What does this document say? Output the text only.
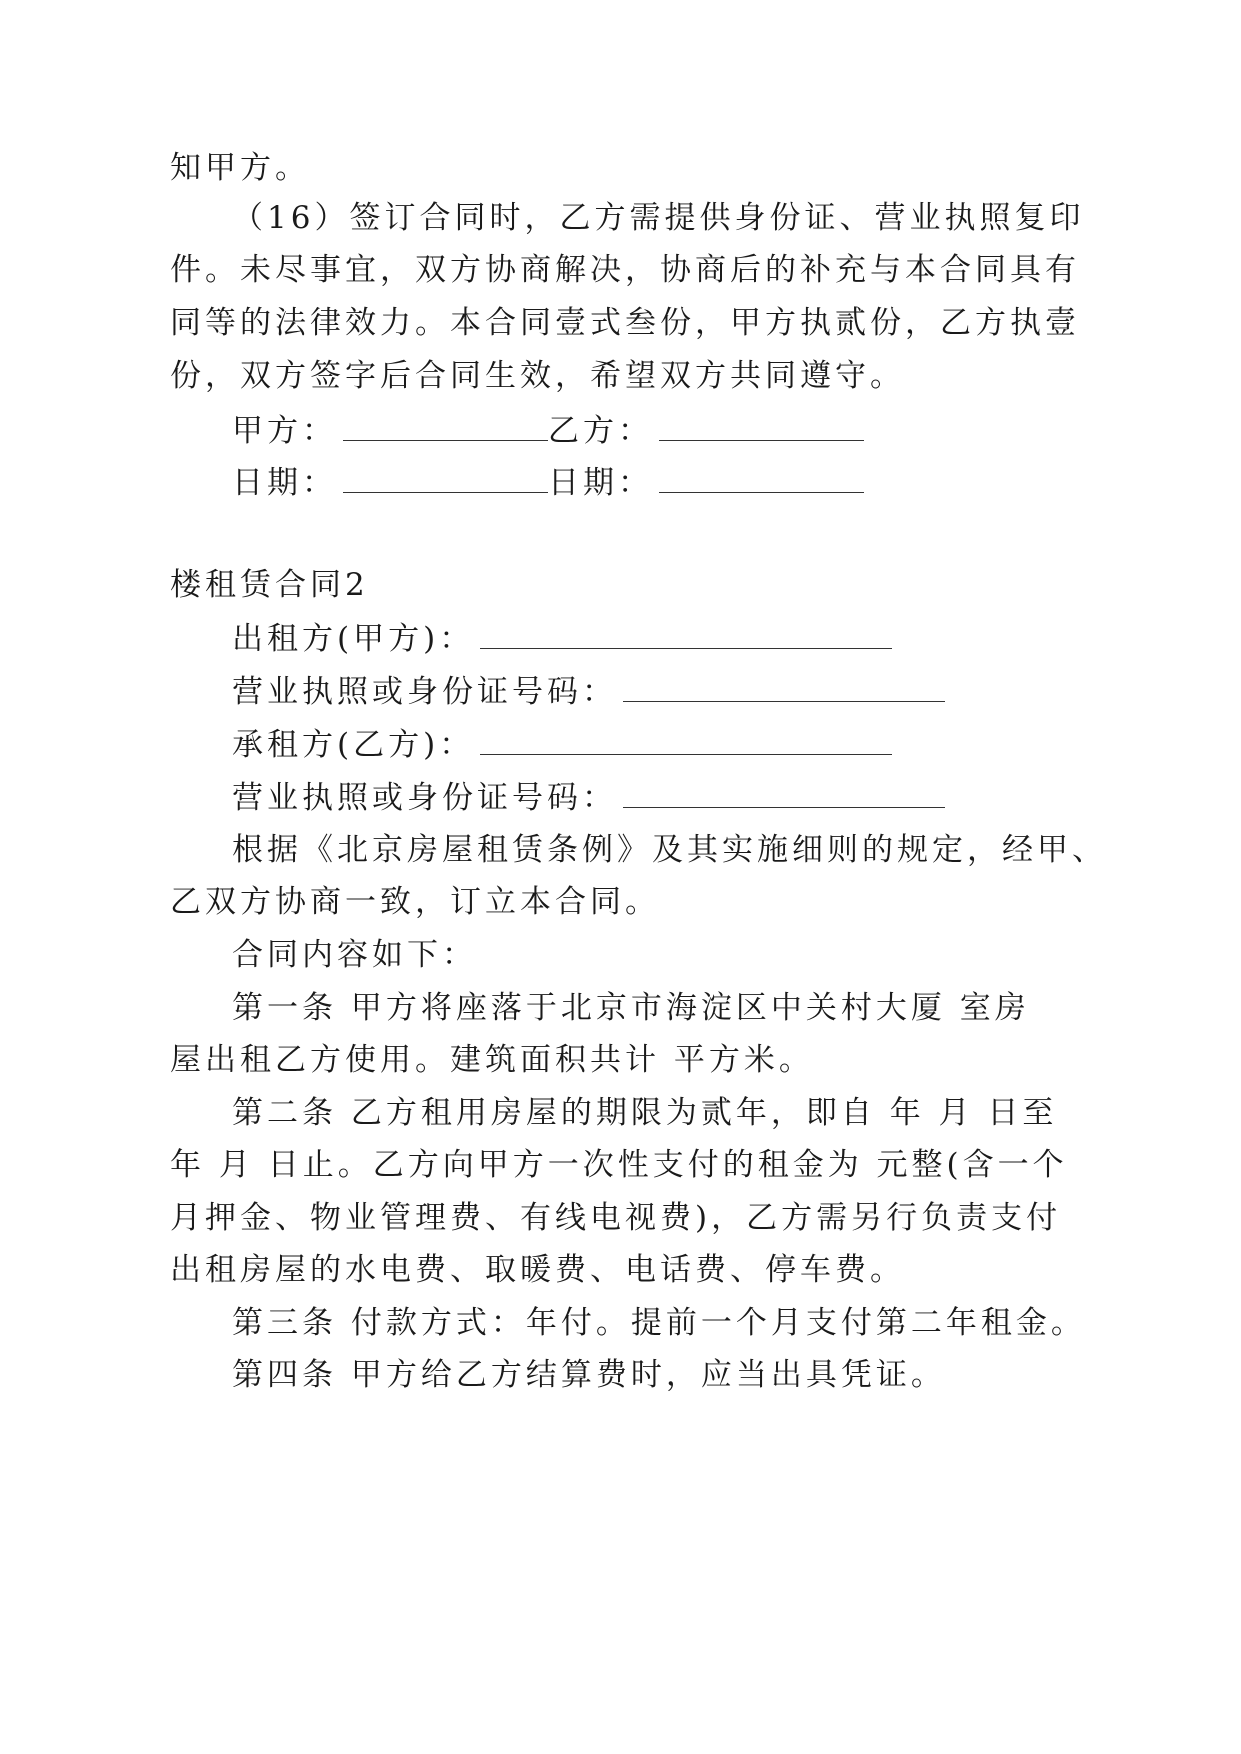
知甲方。
（16）签订合同时，乙方需提供身份证、营业执照复印
件。未尽事宜，双方协商解决，协商后的补充与本合同具有
同等的法律效力。本合同壹式叁份，甲方执贰份，乙方执壹
份，双方签字后合同生效，希望双方共同遵守。
甲方：	乙方：
日期：	日期：
楼租赁合同2
出租方(甲方)：
营业执照或身份证号码：
承租方(乙方)：
营业执照或身份证号码：
根据《北京房屋租赁条例》及其实施细则的规定，经甲、
乙双方协商一致，订立本合同。
合同内容如下：
第一条 甲方将座落于北京市海淀区中关村大厦 室房
屋出租乙方使用。建筑面积共计 平方米。
第二条 乙方租用房屋的期限为贰年，即自 年 月 日至
年 月 日止。乙方向甲方一次性支付的租金为 元整(含一个
月押金、物业管理费、有线电视费)，乙方需另行负责支付
出租房屋的水电费、取暖费、电话费、停车费。
第三条 付款方式：年付。提前一个月支付第二年租金。
第四条 甲方给乙方结算费时，应当出具凭证。
